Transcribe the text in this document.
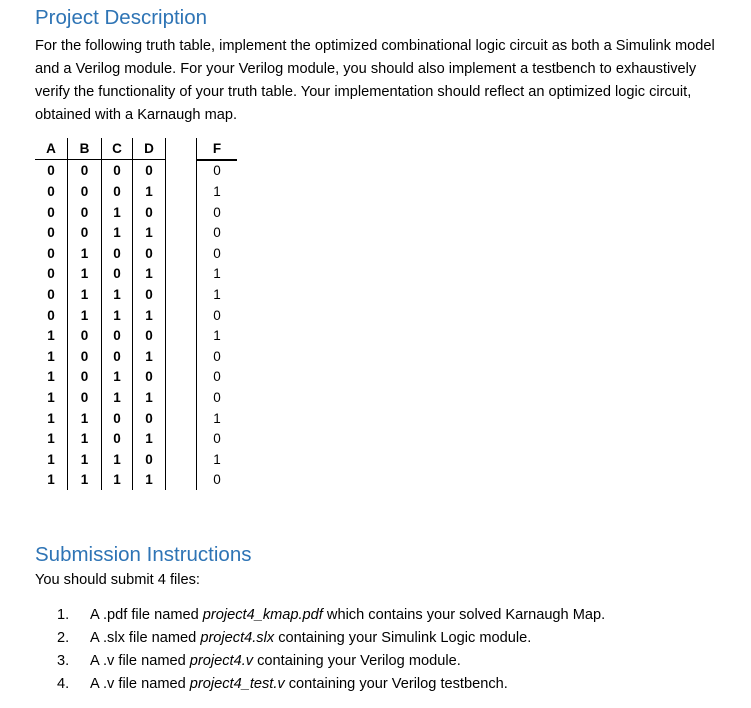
Project Description
For the following truth table, implement the optimized combinational logic circuit as both a Simulink model and a Verilog module. For your Verilog module, you should also implement a testbench to exhaustively verify the functionality of your truth table. Your implementation should reflect an optimized logic circuit, obtained with a Karnaugh map.
A	B	C	D		F
0	0	0	0		0
0	0	0	1		1
0	0	1	0		0
0	0	1	1		0
0	1	0	0		0
0	1	0	1		1
0	1	1	0		1
0	1	1	1		0
1	0	0	0		1
1	0	0	1		0
1	0	1	0		0
1	0	1	1		0
1	1	0	0		1
1	1	0	1		0
1	1	1	0		1
1	1	1	1		0
Submission Instructions
You should submit 4 files:
1. A .pdf file named project4_kmap.pdf which contains your solved Karnaugh Map.
2. A .slx file named project4.slx containing your Simulink Logic module.
3. A .v file named project4.v containing your Verilog module.
4. A .v file named project4_test.v containing your Verilog testbench.
